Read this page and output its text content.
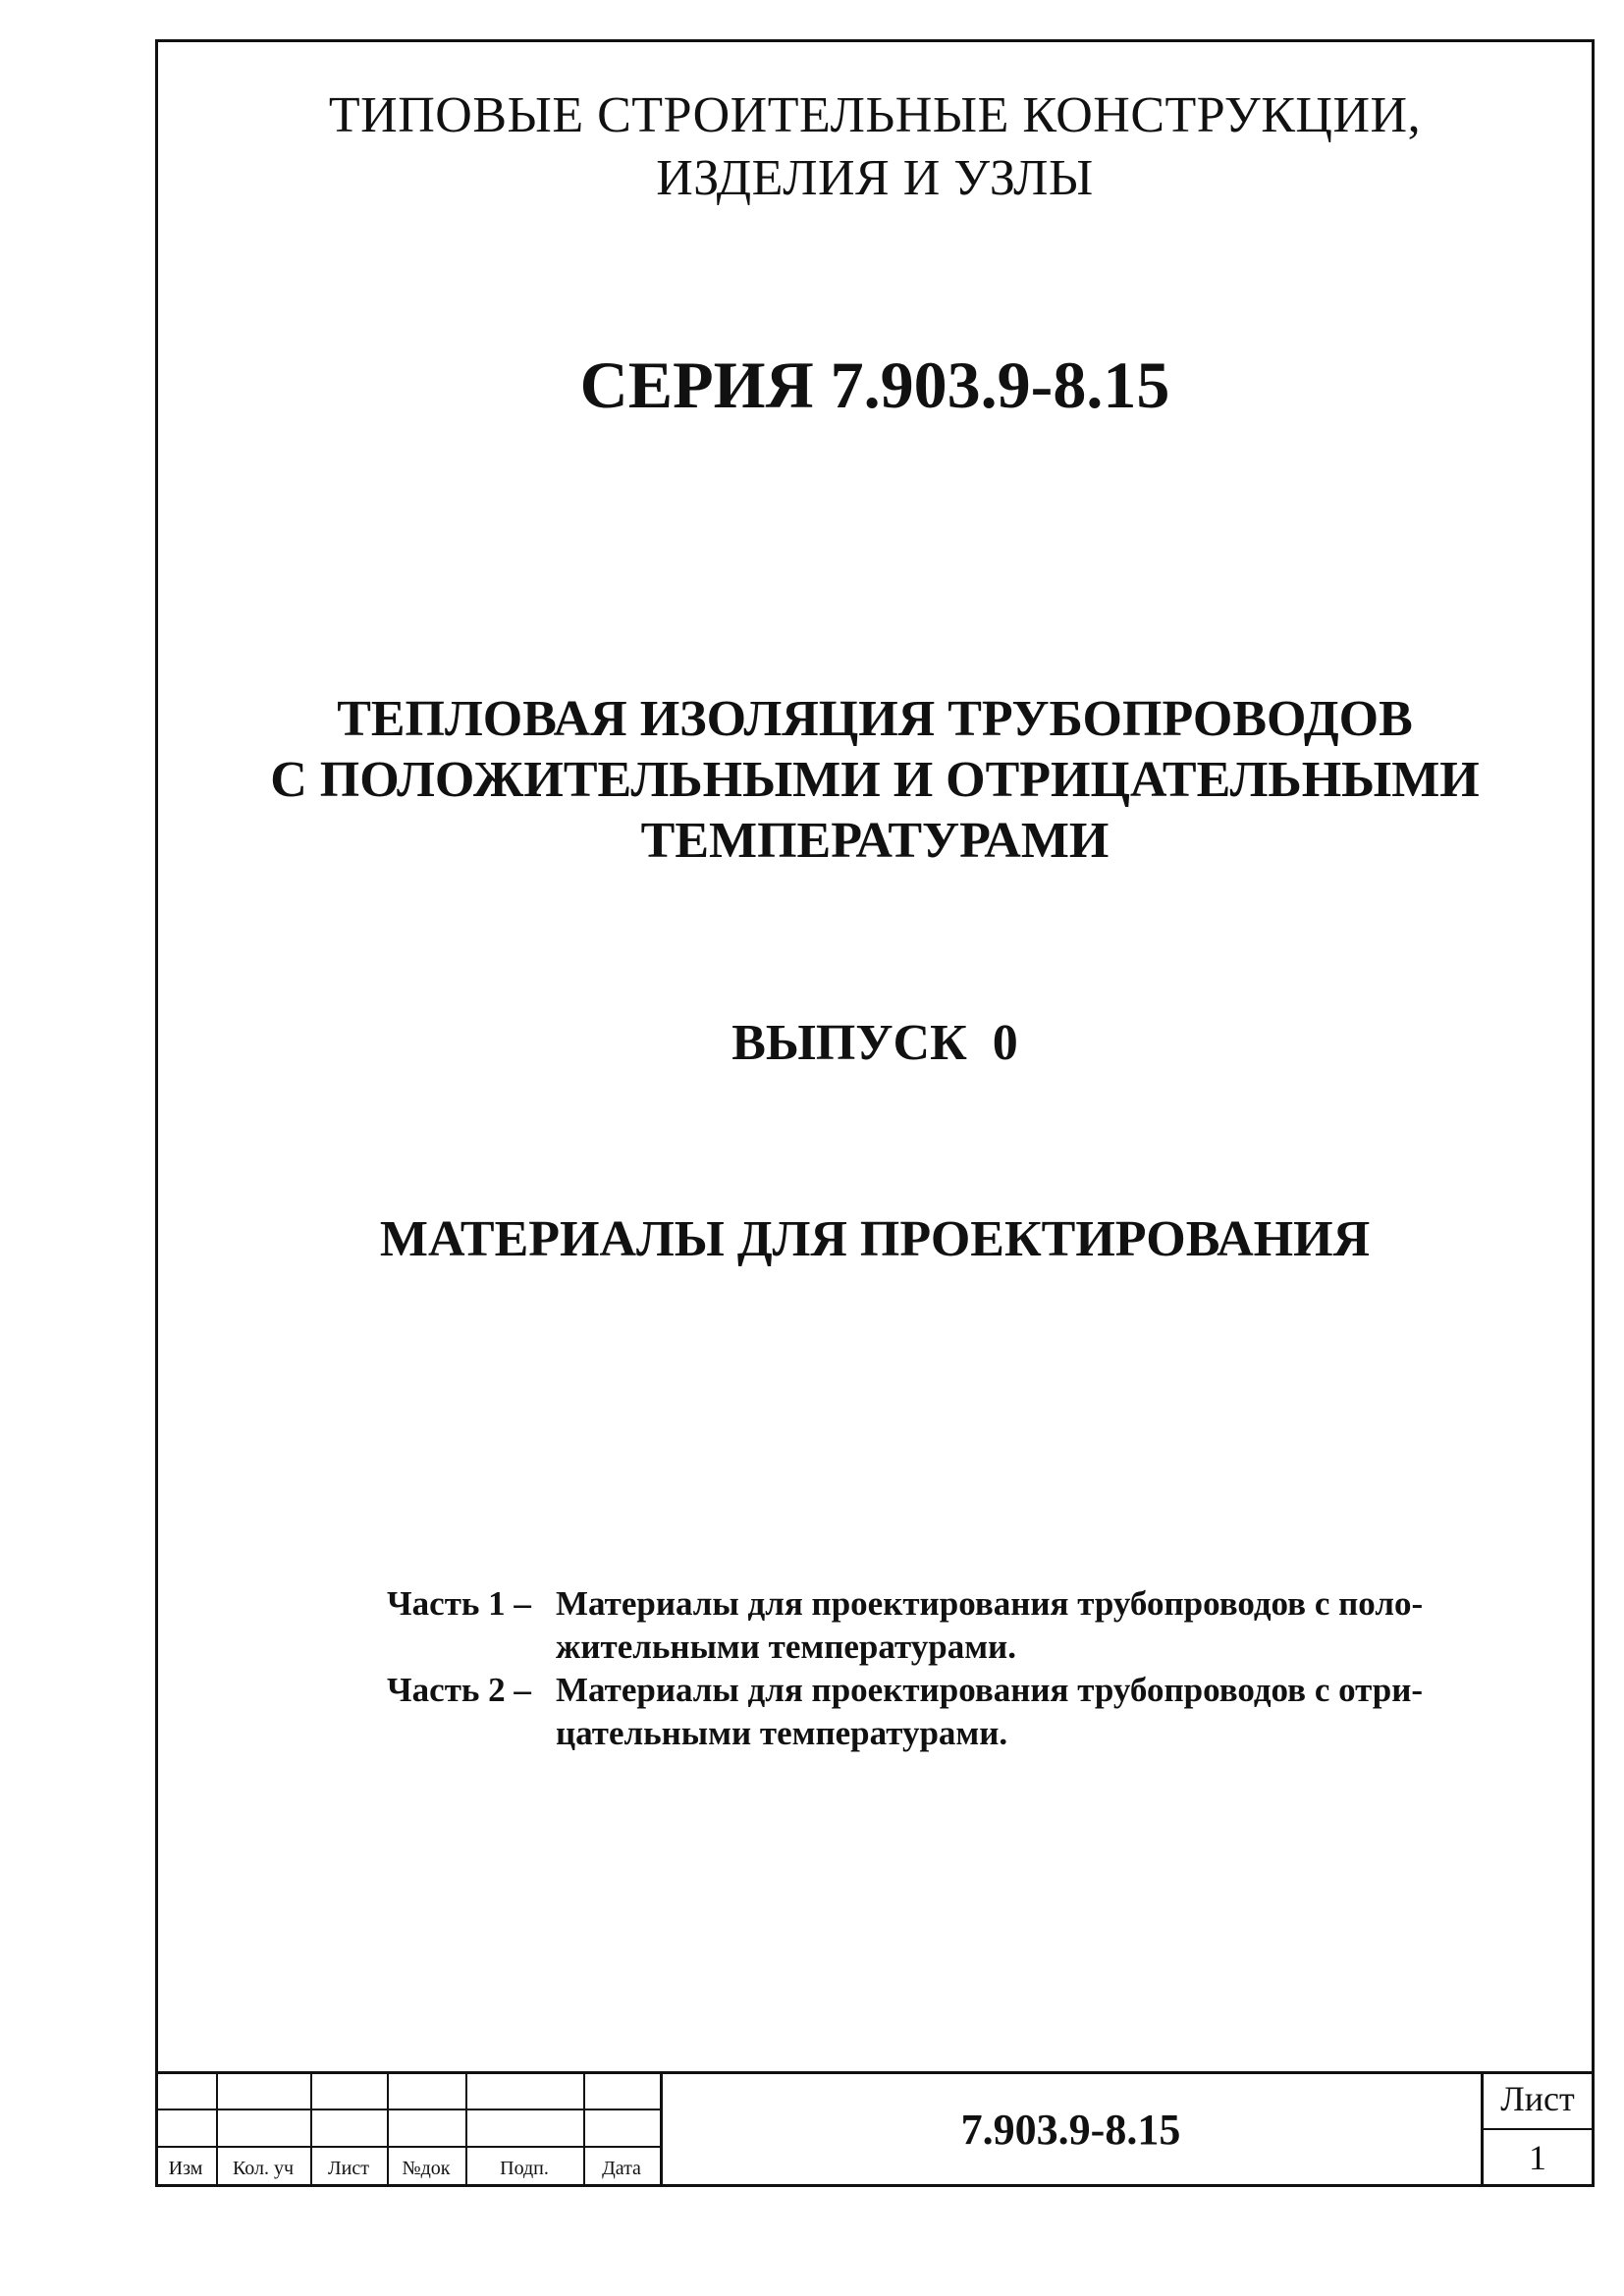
ТИПОВЫЕ СТРОИТЕЛЬНЫЕ КОНСТРУКЦИИ,
ИЗДЕЛИЯ И УЗЛЫ
СЕРИЯ 7.903.9-8.15
ТЕПЛОВАЯ ИЗОЛЯЦИЯ ТРУБОПРОВОДОВ
С ПОЛОЖИТЕЛЬНЫМИ И ОТРИЦАТЕЛЬНЫМИ
ТЕМПЕРАТУРАМИ
ВЫПУСК  0
МАТЕРИАЛЫ ДЛЯ ПРОЕКТИРОВАНИЯ
Часть 1 – Материалы для проектирования трубопроводов с поло-
жительными температурами.
Часть 2 – Материалы для проектирования трубопроводов с отри-
цательными температурами.
Изм	Кол. уч	Лист	№док	Подп.	Дата
7.903.9-8.15
Лист
1
